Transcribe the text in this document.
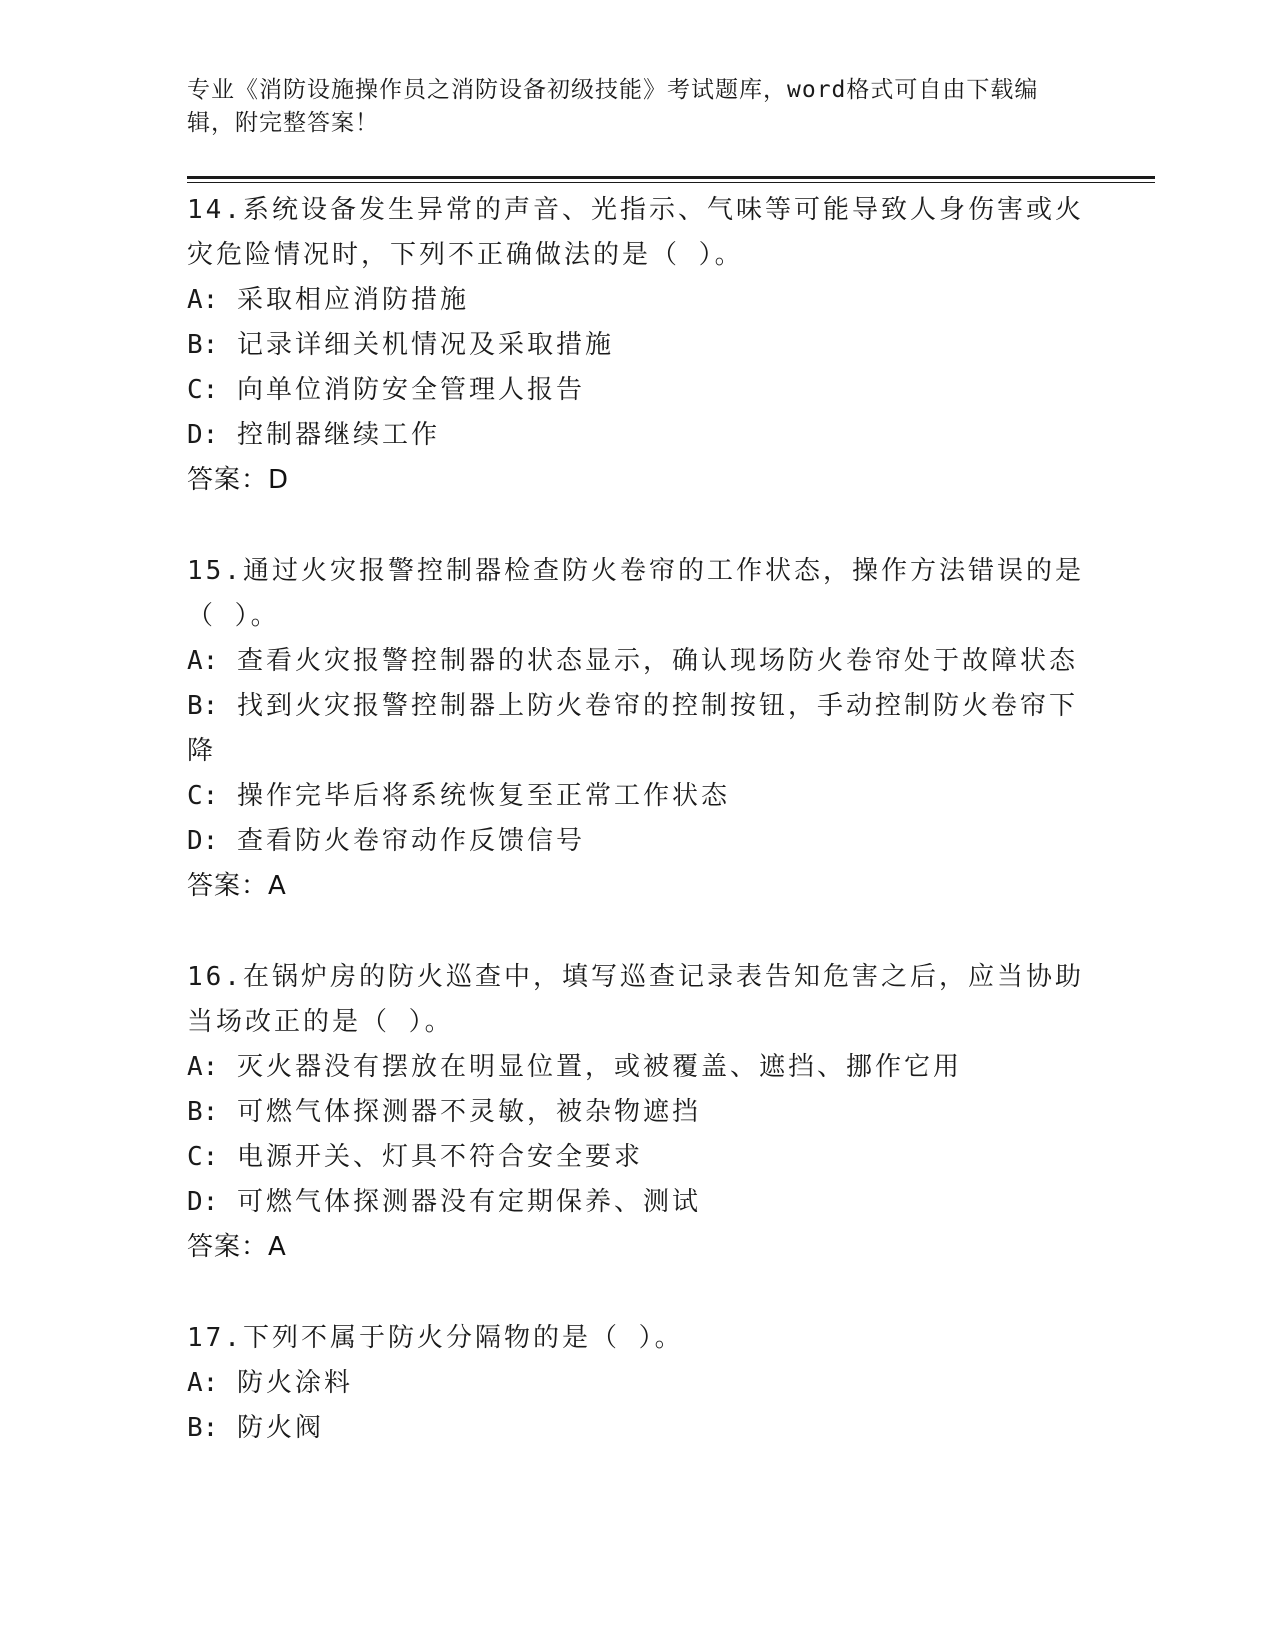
专业《消防设施操作员之消防设备初级技能》考试题库，word格式可自由下载编辑，附完整答案！
14.系统设备发生异常的声音、光指示、气味等可能导致人身伤害或火灾危险情况时，下列不正确做法的是（ ）。
A: 采取相应消防措施
B: 记录详细关机情况及采取措施
C: 向单位消防安全管理人报告
D: 控制器继续工作
答案：D
15.通过火灾报警控制器检查防火卷帘的工作状态，操作方法错误的是（ ）。
A: 查看火灾报警控制器的状态显示，确认现场防火卷帘处于故障状态
B: 找到火灾报警控制器上防火卷帘的控制按钮，手动控制防火卷帘下降
C: 操作完毕后将系统恢复至正常工作状态
D: 查看防火卷帘动作反馈信号
答案：A
16.在锅炉房的防火巡查中，填写巡查记录表告知危害之后，应当协助当场改正的是（ ）。
A: 灭火器没有摆放在明显位置，或被覆盖、遮挡、挪作它用
B: 可燃气体探测器不灵敏，被杂物遮挡
C: 电源开关、灯具不符合安全要求
D: 可燃气体探测器没有定期保养、测试
答案：A
17.下列不属于防火分隔物的是（ ）。
A: 防火涂料
B: 防火阀
